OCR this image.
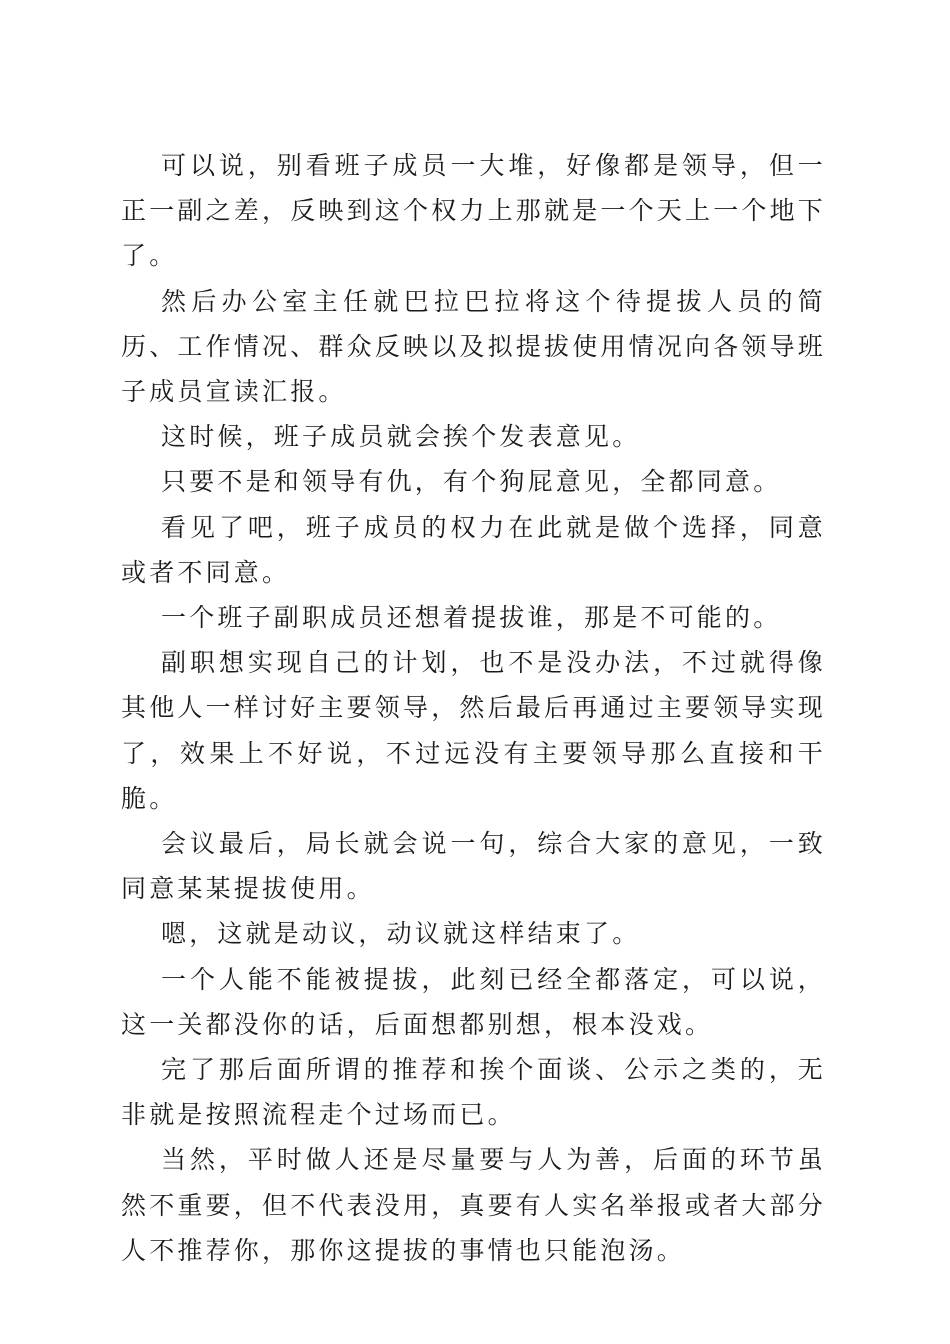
可以说，别看班子成员一大堆，好像都是领导，但一正一副之差，反映到这个权力上那就是一个天上一个地下了。

然后办公室主任就巴拉巴拉将这个待提拔人员的简历、工作情况、群众反映以及拟提拔使用情况向各领导班子成员宣读汇报。

这时候，班子成员就会挨个发表意见。

只要不是和领导有仇，有个狗屁意见，全都同意。

看见了吧，班子成员的权力在此就是做个选择，同意或者不同意。

一个班子副职成员还想着提拔谁，那是不可能的。

副职想实现自己的计划，也不是没办法，不过就得像其他人一样讨好主要领导，然后最后再通过主要领导实现了，效果上不好说，不过远没有主要领导那么直接和干脆。

会议最后，局长就会说一句，综合大家的意见，一致同意某某提拔使用。

嗯，这就是动议，动议就这样结束了。

一个人能不能被提拔，此刻已经全都落定，可以说，这一关都没你的话，后面想都别想，根本没戏。

完了那后面所谓的推荐和挨个面谈、公示之类的，无非就是按照流程走个过场而已。

当然，平时做人还是尽量要与人为善，后面的环节虽然不重要，但不代表没用，真要有人实名举报或者大部分人不推荐你，那你这提拔的事情也只能泡汤。
